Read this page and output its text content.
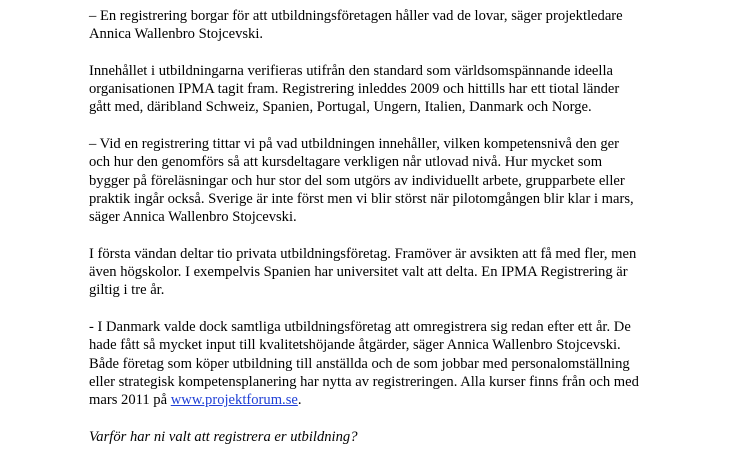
– En registrering borgar för att utbildningsföretagen håller vad de lovar, säger projektledare
Annica Wallenbro Stojcevski.

Innehållet i utbildningarna verifieras utifrån den standard som världsomspännande ideella
organisationen IPMA tagit fram. Registrering inleddes 2009 och hittills har ett tiotal länder
gått med, däribland Schweiz, Spanien, Portugal, Ungern, Italien, Danmark och Norge.

– Vid en registrering tittar vi på vad utbildningen innehåller, vilken kompetensnivå den ger
och hur den genomförs så att kursdeltagare verkligen når utlovad nivå. Hur mycket som
bygger på föreläsningar och hur stor del som utgörs av individuellt arbete, grupparbete eller
praktik ingår också. Sverige är inte först men vi blir störst när pilotomgången blir klar i mars,
säger Annica Wallenbro Stojcevski.

I första vändan deltar tio privata utbildningsföretag. Framöver är avsikten att få med fler, men
även högskolor. I exempelvis Spanien har universitet valt att delta. En IPMA Registrering är
giltig i tre år.

- I Danmark valde dock samtliga utbildningsföretag att omregistrera sig redan efter ett år. De
hade fått så mycket input till kvalitetshöjande åtgärder, säger Annica Wallenbro Stojcevski.
Både företag som köper utbildning till anställda och de som jobbar med personalomställning
eller strategisk kompetensplanering har nytta av registreringen. Alla kurser finns från och med
mars 2011 på www.projektforum.se.

Varför har ni valt att registrera er utbildning?
